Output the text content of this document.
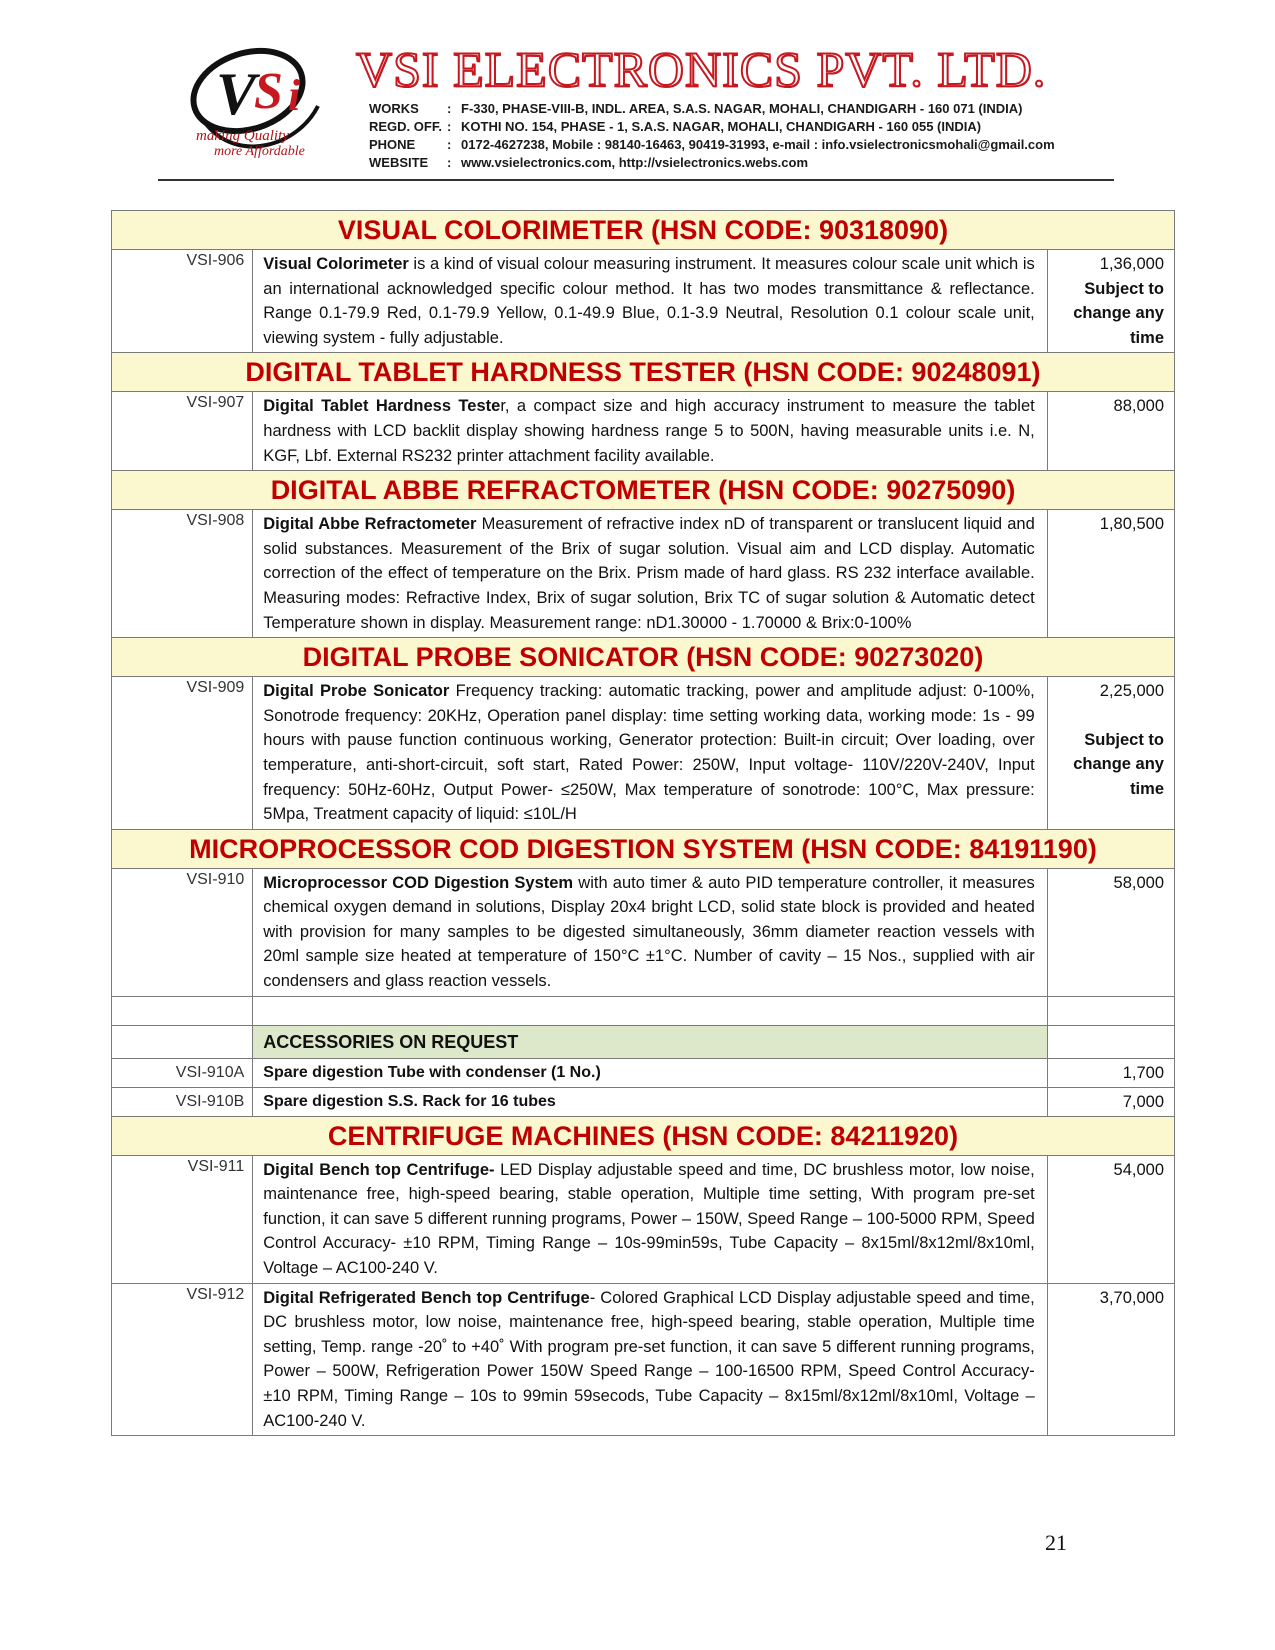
V
S i
making Quality
more Affordable
VSI ELECTRONICS PVT. LTD.
WORKS	: F-330, PHASE-VIII-B, INDL. AREA, S.A.S. NAGAR, MOHALI, CHANDIGARH - 160 071 (INDIA)
REGD. OFF. : KOTHI NO. 154, PHASE - 1, S.A.S. NAGAR, MOHALI, CHANDIGARH - 160 055 (INDIA)
PHONE	: 0172-4627238, Mobile : 98140-16463, 90419-31993, e-mail : info.vsielectronicsmohali@gmail.com
WEBSITE	: www.vsielectronics.com, http://vsielectronics.webs.com
VISUAL COLORIMETER (HSN CODE: 90318090)		
VSI-906	Visual Colorimeter is a kind of visual colour measuring instrument. It measures colour scale unit which is an international acknowledged specific colour method. It has two modes transmittance & reflectance. Range 0.1-79.9 Red, 0.1-79.9 Yellow, 0.1-49.9 Blue, 0.1-3.9 Neutral, Resolution 0.1 colour scale unit, viewing system - fully adjustable.	1,36,000
Subject to change any time

DIGITAL TABLET HARDNESS TESTER (HSN CODE: 90248091)		
VSI-907	Digital Tablet Hardness Tester, a compact size and high accuracy instrument to measure the tablet hardness with LCD backlit display showing hardness range 5 to 500N, having measurable units i.e. N, KGF, Lbf. External RS232 printer attachment facility available.	88,000
DIGITAL ABBE REFRACTOMETER (HSN CODE: 90275090)		
VSI-908	Digital Abbe Refractometer Measurement of refractive index nD of transparent or translucent liquid and solid substances. Measurement of the Brix of sugar solution. Visual aim and LCD display. Automatic correction of the effect of temperature on the Brix. Prism made of hard glass. RS 232 interface available. Measuring modes: Refractive Index, Brix of sugar solution, Brix TC of sugar solution & Automatic detect Temperature shown in display. Measurement range: nD1.30000 - 1.70000 & Brix:0-100%	1,80,500
DIGITAL PROBE SONICATOR (HSN CODE: 90273020)		
VSI-909	Digital Probe Sonicator Frequency tracking: automatic tracking, power and amplitude adjust: 0-100%, Sonotrode frequency: 20KHz, Operation panel display: time setting working data, working mode: 1s - 99 hours with pause function continuous working, Generator protection: Built-in circuit; Over loading, over temperature, anti-short-circuit, soft start, Rated Power: 250W, Input voltage- 110V/220V-240V, Input frequency: 50Hz-60Hz, Output Power- ≤250W, Max temperature of sonotrode: 100°C, Max pressure: 5Mpa, Treatment capacity of liquid: ≤10L/H	2,25,000
Subject to change any time

MICROPROCESSOR COD DIGESTION SYSTEM (HSN CODE: 84191190)		
VSI-910	Microprocessor COD Digestion System with auto timer & auto PID temperature controller, it measures chemical oxygen demand in solutions, Display 20x4 bright LCD, solid state block is provided and heated with provision for many samples to be digested simultaneously, 36mm diameter reaction vessels with 20ml sample size heated at temperature of 150°C ±1°C. Number of cavity – 15 Nos., supplied with air condensers and glass reaction vessels.	58,000

	ACCESSORIES ON REQUEST	
VSI-910A	Spare digestion Tube with condenser (1 No.)	1,700
VSI-910B	Spare digestion S.S. Rack for 16 tubes	7,000
CENTRIFUGE MACHINES (HSN CODE: 84211920)		
VSI-911	Digital Bench top Centrifuge- LED Display adjustable speed and time, DC brushless motor, low noise, maintenance free, high-speed bearing, stable operation, Multiple time setting, With program pre-set function, it can save 5 different running programs, Power – 150W, Speed Range – 100-5000 RPM, Speed Control Accuracy- ±10 RPM, Timing Range – 10s-99min59s, Tube Capacity – 8x15ml/8x12ml/8x10ml, Voltage – AC100-240 V.	54,000
VSI-912	Digital Refrigerated Bench top Centrifuge- Colored Graphical LCD Display adjustable speed and time, DC brushless motor, low noise, maintenance free, high-speed bearing, stable operation, Multiple time setting, Temp. range -20˚ to +40˚ With program pre-set function, it can save 5 different running programs, Power – 500W, Refrigeration Power 150W Speed Range – 100-16500 RPM, Speed Control Accuracy- ±10 RPM, Timing Range – 10s to 99min 59secods, Tube Capacity – 8x15ml/8x12ml/8x10ml, Voltage – AC100-240 V.	3,70,000
21
